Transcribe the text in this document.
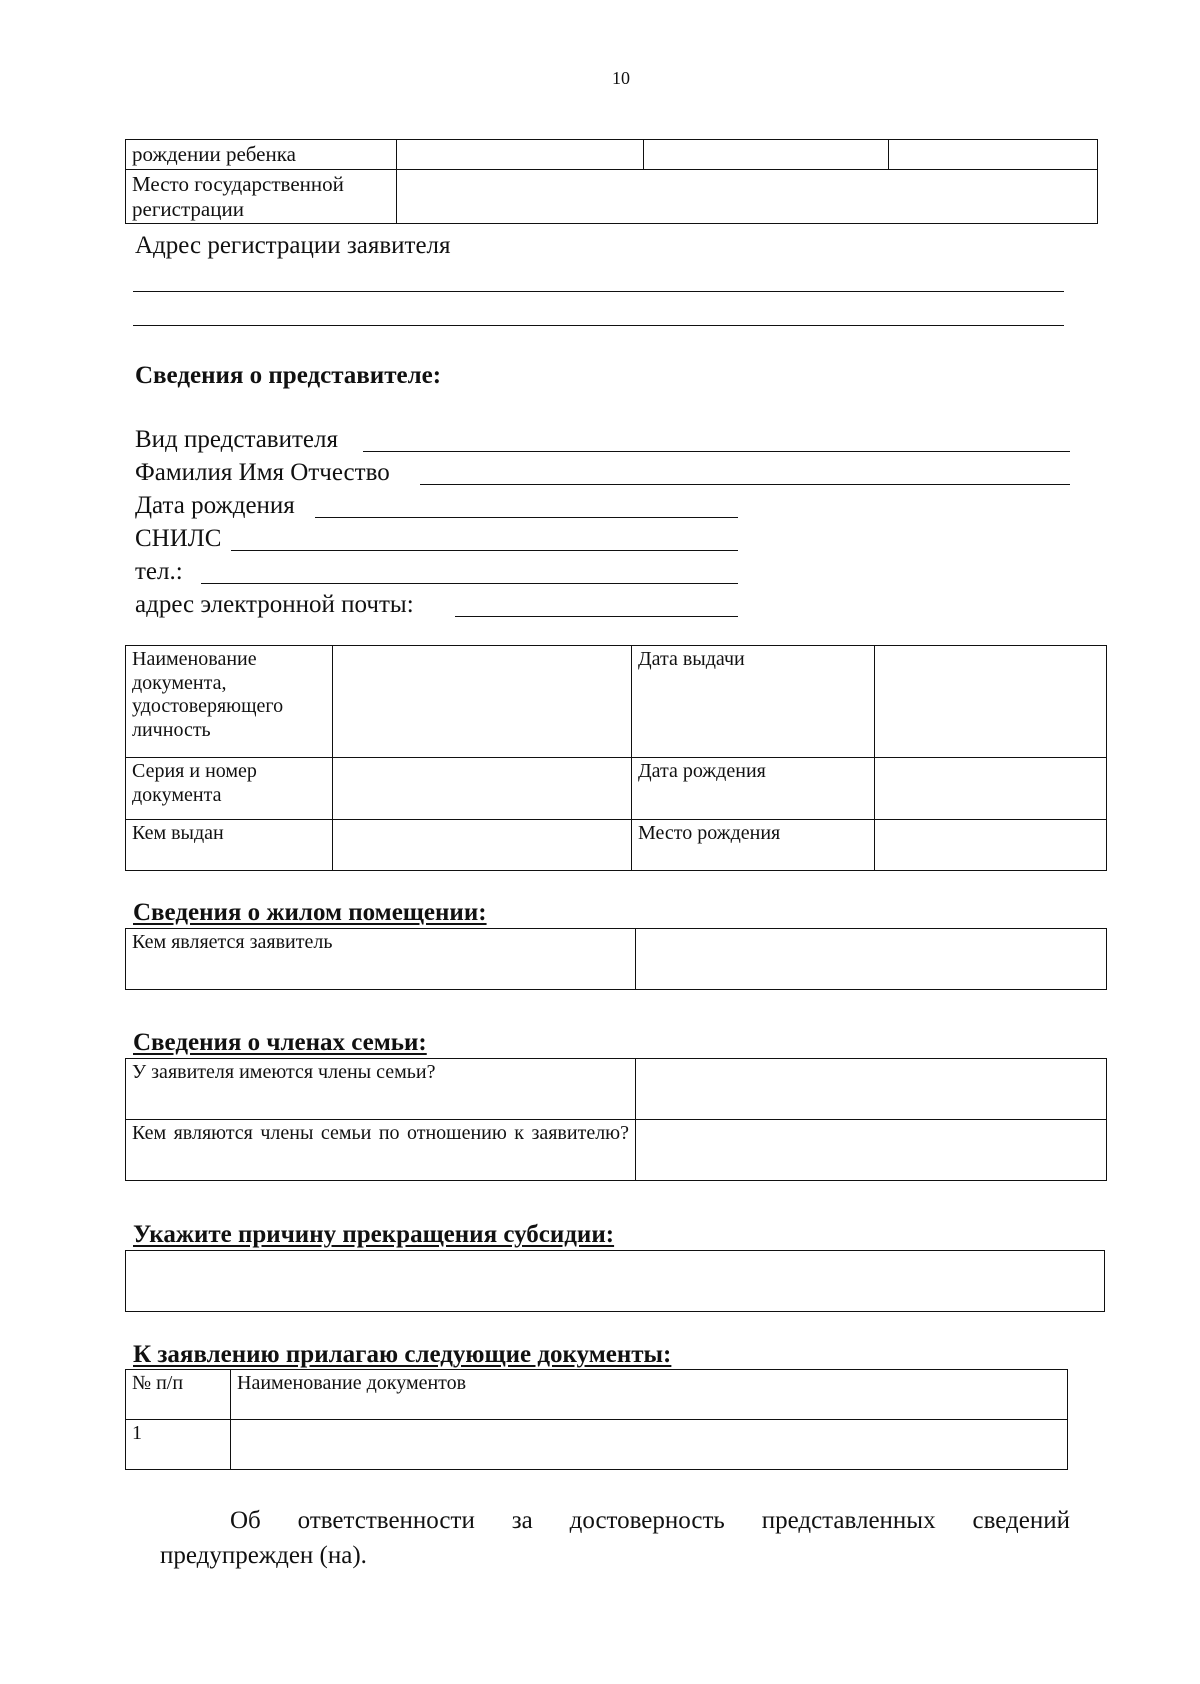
10
рождении ребенка			
Место государственной регистрации			
Адрес регистрации заявителя
Сведения о представителе:
Вид представителя
Фамилия Имя Отчество
Дата рождения
СНИЛС
тел.:
адрес электронной почты:
Наименование документа, удостоверяющего личность		Дата выдачи	
Серия и номер документа		Дата рождения	
Кем выдан		Место рождения	
Сведения о жилом помещении:
Кем является заявитель	
Сведения о членах семьи:
У заявителя имеются члены семьи?	

Кем являются члены семьи по отношению к заявителю?	

Укажите причину прекращения субсидии:
К заявлению прилагаю следующие документы:
№ п/п	Наименование документов
1	
Об ответственности за достоверность представленных сведений
предупрежден (на).
